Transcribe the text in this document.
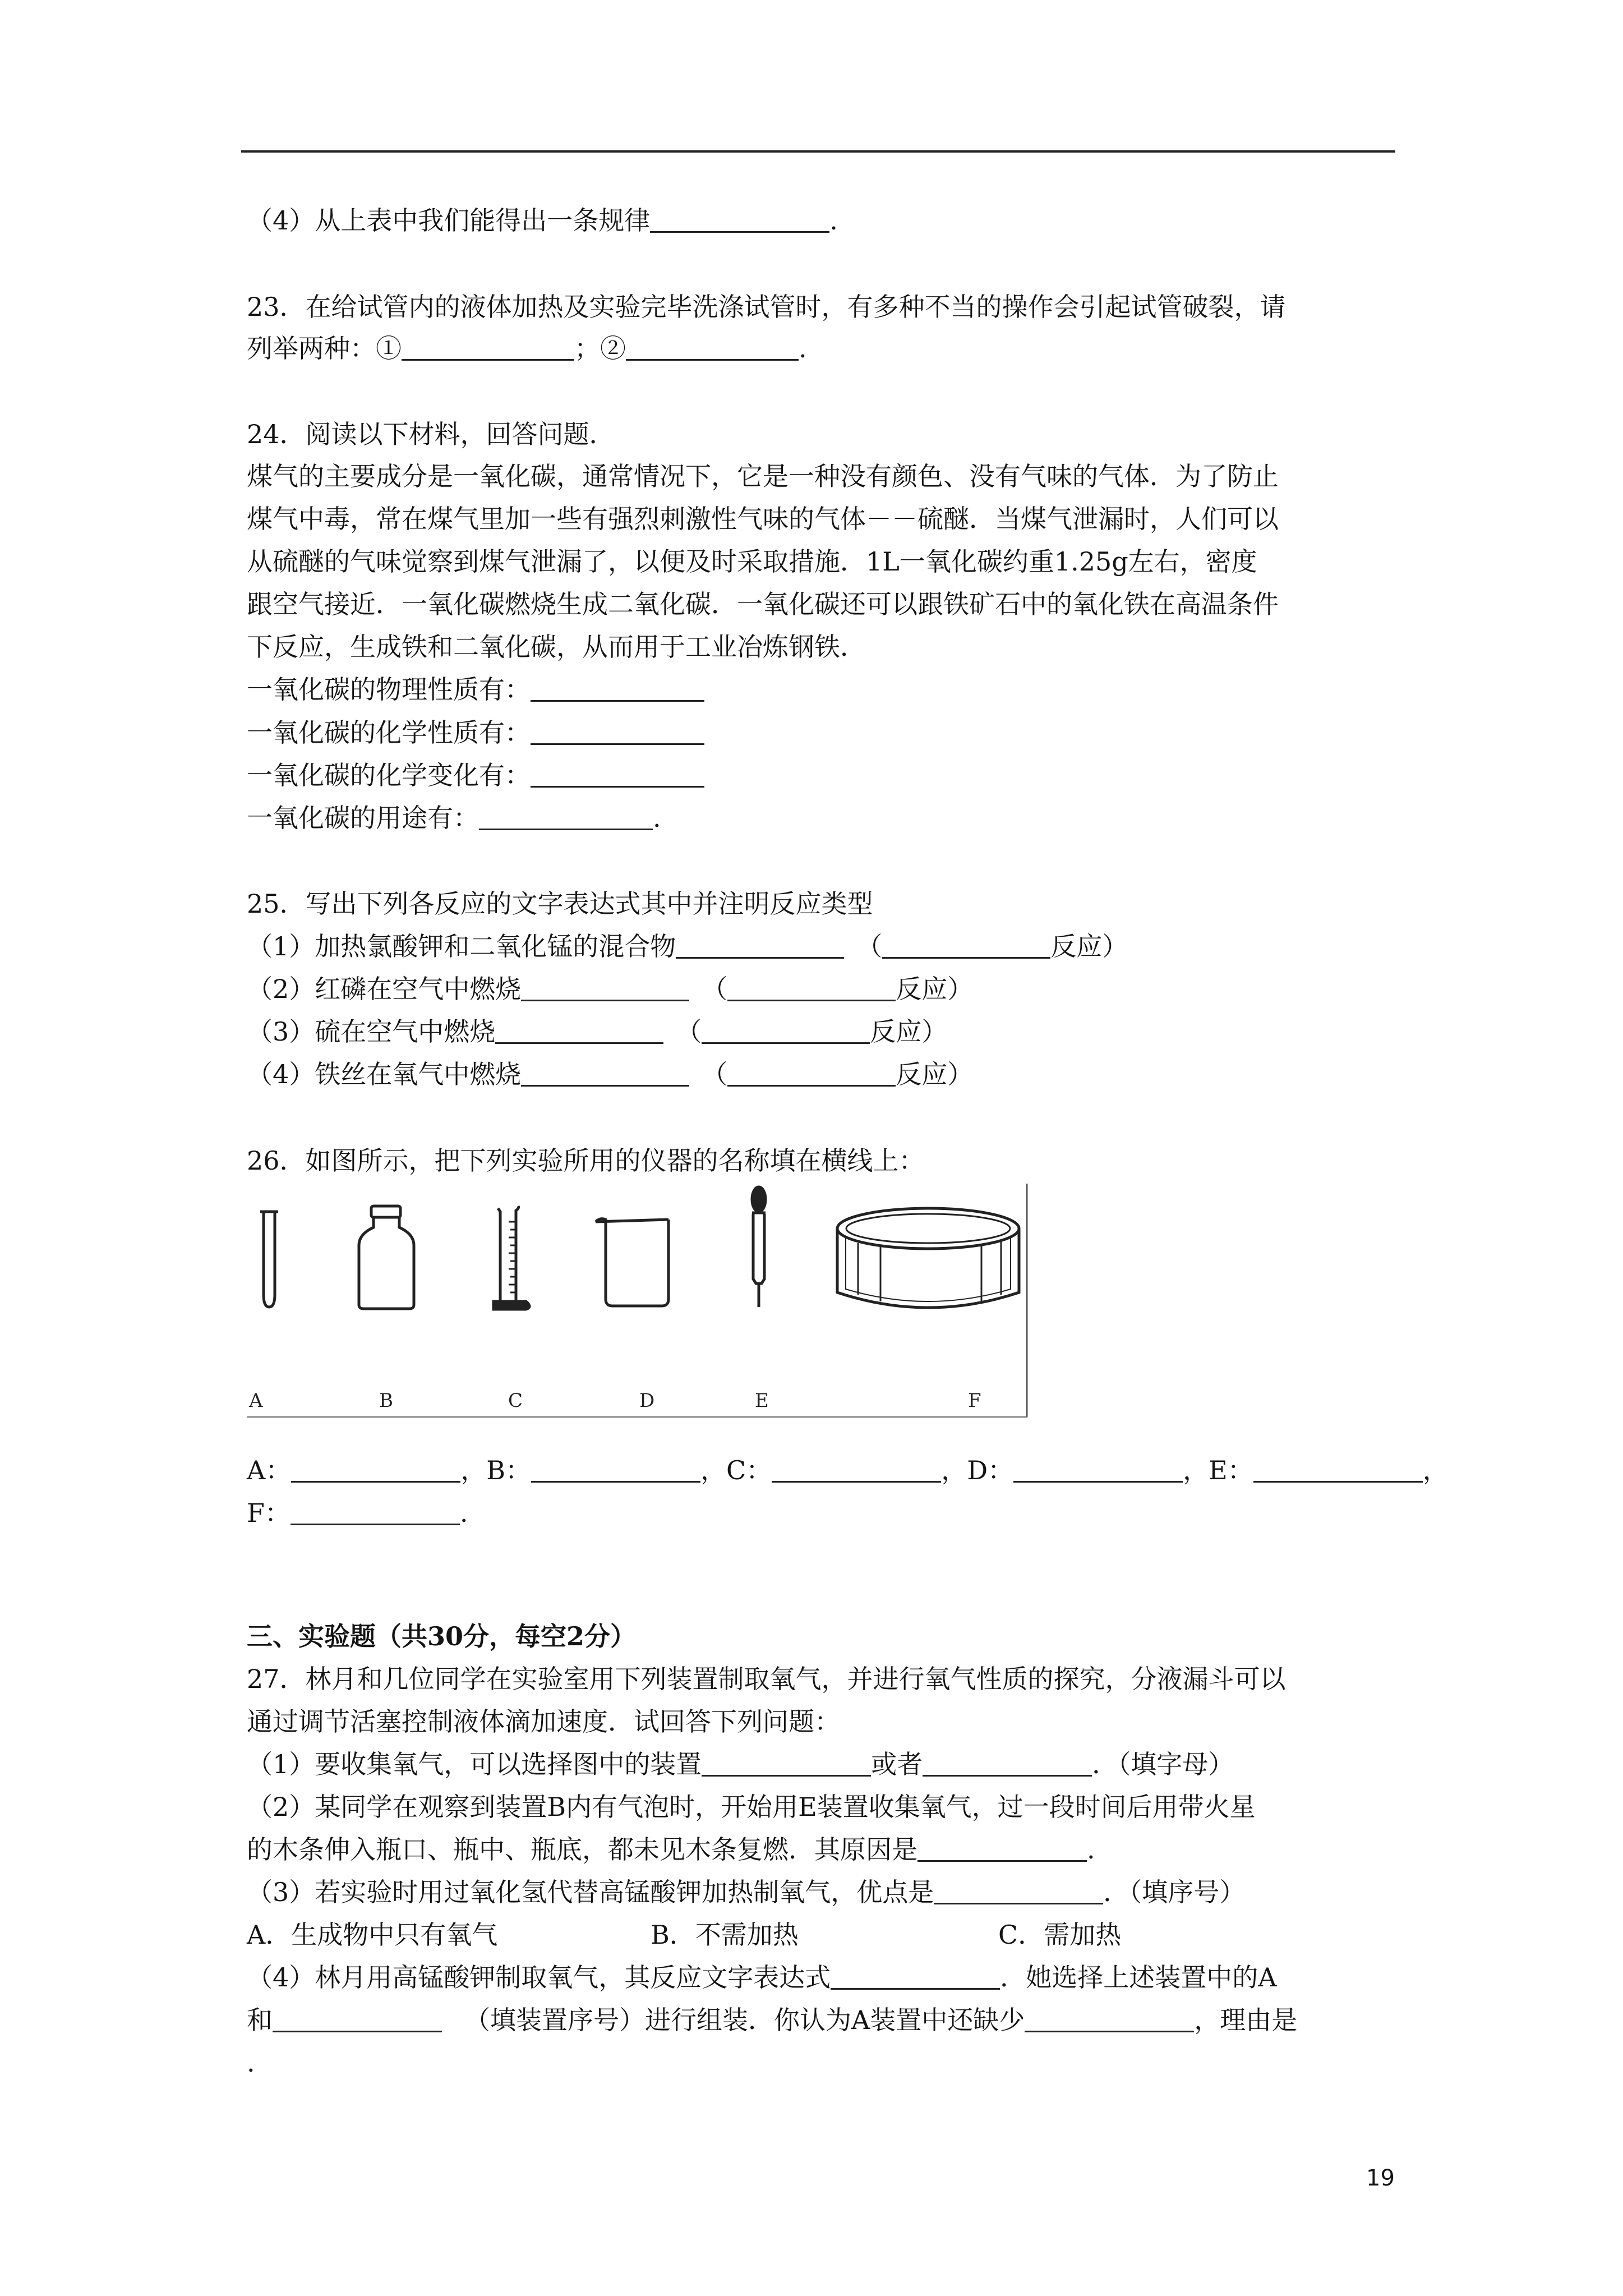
（4）从上表中我们能得出一条规律	.
23．在给试管内的液体加热及实验完毕洗涤试管时，有多种不当的操作会引起试管破裂，请
列举两种：①	；②	.
24．阅读以下材料，回答问题．
煤气的主要成分是一氧化碳，通常情况下，它是一种没有颜色、没有气味的气体．为了防止
煤气中毒，常在煤气里加一些有强烈刺激性气味的气体－－硫醚．当煤气泄漏时，人们可以
从硫醚的气味觉察到煤气泄漏了，以便及时采取措施．1L一氧化碳约重1.25g左右，密度
跟空气接近．一氧化碳燃烧生成二氧化碳．一氧化碳还可以跟铁矿石中的氧化铁在高温条件
下反应，生成铁和二氧化碳，从而用于工业冶炼钢铁．
一氧化碳的物理性质有：
一氧化碳的化学性质有：
一氧化碳的化学变化有：
一氧化碳的用途有：	.
25．写出下列各反应的文字表达式其中并注明反应类型
（1）加热氯酸钾和二氧化锰的混合物	（	反应）
（2）红磷在空气中燃烧	（	反应）
（3）硫在空气中燃烧	（	反应）
（4）铁丝在氧气中燃烧	（	反应）
26．如图所示，把下列实验所用的仪器的名称填在横线上：
A	B	C	D	E	F
A：	，B：	，C：	，D：	，E：	，
F：	.
三、实验题（共30分，每空2分）
27．林月和几位同学在实验室用下列装置制取氧气，并进行氧气性质的探究，分液漏斗可以
通过调节活塞控制液体滴加速度．试回答下列问题：
（1）要收集氧气，可以选择图中的装置	或者	．（填字母）
（2）某同学在观察到装置B内有气泡时，开始用E装置收集氧气，过一段时间后用带火星
的木条伸入瓶口、瓶中、瓶底，都未见木条复燃．其原因是	.
（3）若实验时用过氧化氢代替高锰酸钾加热制氧气，优点是	．（填序号）
A．生成物中只有氧气	B．不需加热	C．需加热
（4）林月用高锰酸钾制取氧气，其反应文字表达式	．她选择上述装置中的A
和	（填装置序号）进行组装．你认为A装置中还缺少	，理由是
.
19
